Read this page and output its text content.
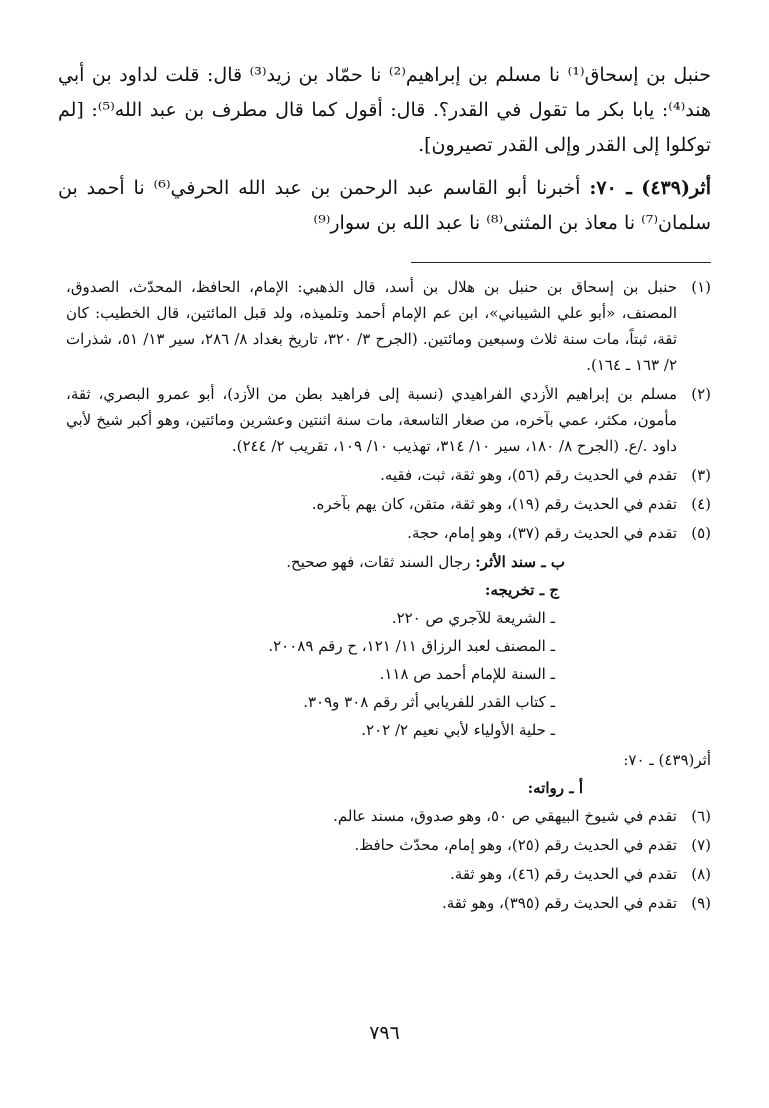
حنبل بن إسحاق⁽¹⁾ نا مسلم بن إبراهيم⁽²⁾ نا حمّاد بن زيد⁽³⁾ قال: قلت لداود بن أبي هند⁽⁴⁾: يابا بكر ما تقول في القدر؟. قال: أقول كما قال مطرف بن عبد الله⁽⁵⁾: [لم توكلوا إلى القدر وإلى القدر تصيرون].

أثر(٤٣٩) ـ ٧٠: أخبرنا أبو القاسم عبد الرحمن بن عبد الله الحرفي⁽⁶⁾ نا أحمد بن سلمان⁽⁷⁾ نا معاذ بن المثنى⁽⁸⁾ نا عبد الله بن سوار⁽⁹⁾

(١)
حنبل بن إسحاق بن حنبل بن هلال بن أسد، قال الذهبي: الإمام، الحافظ، المحدّث، الصدوق، المصنف، «أبو علي الشيباني»، ابن عم الإمام أحمد وتلميذه، ولد قبل المائتين، قال الخطيب: كان ثقة، ثبتاً، مات سنة ثلاث وسبعين ومائتين. (الجرح ٣/ ٣٢٠، تاريخ بغداد ٨/ ٢٨٦، سير ١٣/ ٥١، شذرات ٢/ ١٦٣ ـ ١٦٤).
(٢)
مسلم بن إبراهيم الأزدي الفراهيدي (نسبة إلى فراهيد بطن من الأزد)، أبو عمرو البصري، ثقة، مأمون، مكثر، عمي بآخره، من صغار التاسعة، مات سنة اثنتين وعشرين ومائتين، وهو أكبر شيخ لأبي داود ./ع. (الجرح ٨/ ١٨٠، سير ١٠/ ٣١٤، تهذيب ١٠/ ١٠٩، تقريب ٢/ ٢٤٤).
(٣)
تقدم في الحديث رقم (٥٦)، وهو ثقة، ثبت، فقيه.
(٤)
تقدم في الحديث رقم (١٩)، وهو ثقة، متقن، كان يهم بآخره.
(٥)
تقدم في الحديث رقم (٣٧)، وهو إمام، حجة.
ب ـ سند الأثر: رجال السند ثقات، فهو صحيح.
ج ـ تخريجه:
ـ الشريعة للآجري ص ٢٢٠.
ـ المصنف لعبد الرزاق ١١/ ١٢١، ح رقم ٢٠٠٨٩.
ـ السنة للإمام أحمد ص ١١٨.
ـ كتاب القدر للفريابي أثر رقم ٣٠٨ و٣٠٩.
ـ حلية الأولياء لأبي نعيم ٢/ ٢٠٢.
أثر(٤٣٩) ـ ٧٠:
أ ـ رواته:
(٦)
تقدم في شيوخ البيهقي ص ٥٠، وهو صدوق، مسند عالم.
(٧)
تقدم في الحديث رقم (٢٥)، وهو إمام، محدّث حافظ.
(٨)
تقدم في الحديث رقم (٤٦)، وهو ثقة.
(٩)
تقدم في الحديث رقم (٣٩٥)، وهو ثقة.
٧٩٦
